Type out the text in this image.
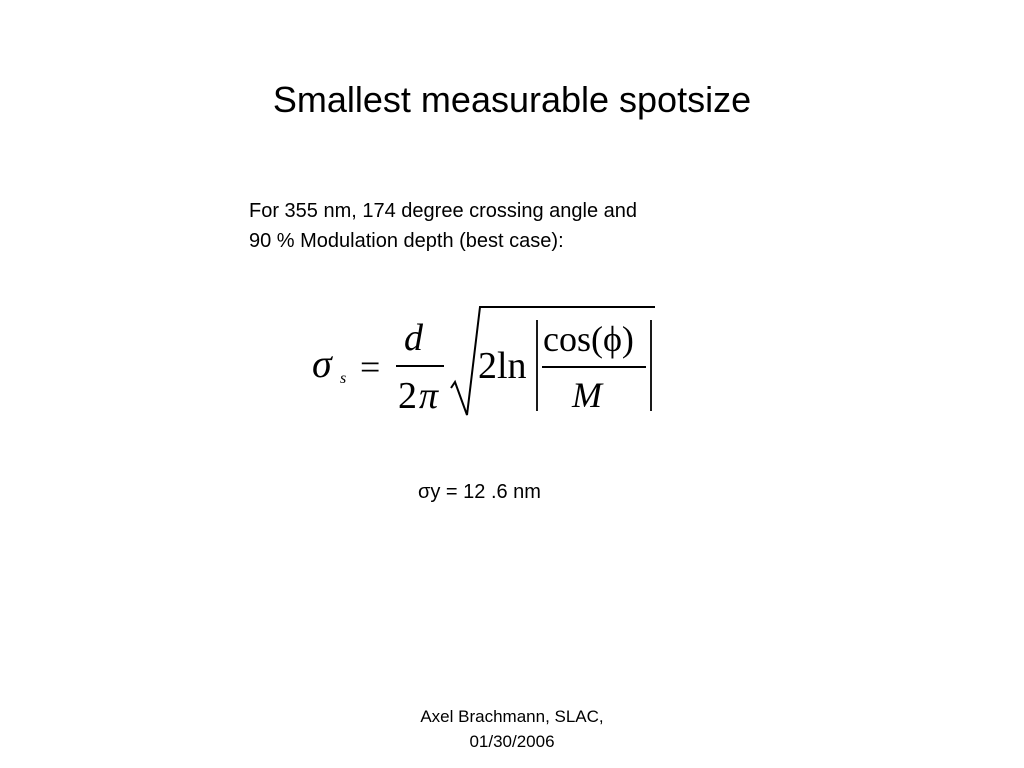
Smallest measurable spotsize
For 355 nm, 174 degree crossing angle and
90 % Modulation depth (best case):
σ s =
d
2 π
2ln
cos(ϕ)
M
σy = 12 .6 nm
Axel Brachmann, SLAC,
01/30/2006
